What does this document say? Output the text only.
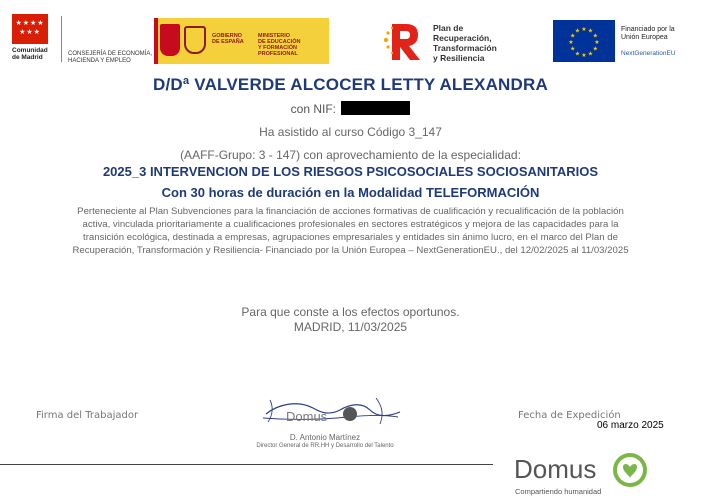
★★★★
★★★
Comunidad
de Madrid	CONSEJERÍA DE ECONOMÍA,
HACIENDA Y EMPLEO
GOBIERNO
DE ESPAÑA
MINISTERIO
DE EDUCACIÓN
Y FORMACIÓN PROFESIONAL
Plan de
Recuperación,
Transformación
y Resiliencia
★ ★
★
★
★
★
★
★
★
★
★
★	Financiado por la
Unión Europea
NextGenerationEU
D/Dª VALVERDE ALCOCER LETTY ALEXANDRA
con NIF:
Ha asistido al curso Código 3_147
(AAFF-Grupo: 3 - 147) con aprovechamiento de la especialidad:
2025_3 INTERVENCION DE LOS RIESGOS PSICOSOCIALES SOCIOSANITARIOS
Con 30 horas de duración en la Modalidad TELEFORMACIÓN
Perteneciente al Plan Subvenciones para la financiación de acciones formativas de cualificación y recualificación de la población activa, vinculada prioritariamente a cualificaciones profesionales en sectores estratégicos y mejora de las capacidades para la transición ecológica, destinada a empresas, agrupaciones empresariales y entidades sin ánimo lucro, en el marco del Plan de Recuperación, Transformación y Resiliencia- Financiado por la Unión Europea – NextGenerationEU., del 12/02/2025 al 11/03/2025
Para que conste a los efectos oportunos.
MADRID, 11/03/2025
Firma del Trabajador	Fecha de Expedición
06 marzo 2025
Domus
D. Antonio Martínez
Director General de RR.HH y Desarrollo del Talento
Domus
Compartiendo humanidad
